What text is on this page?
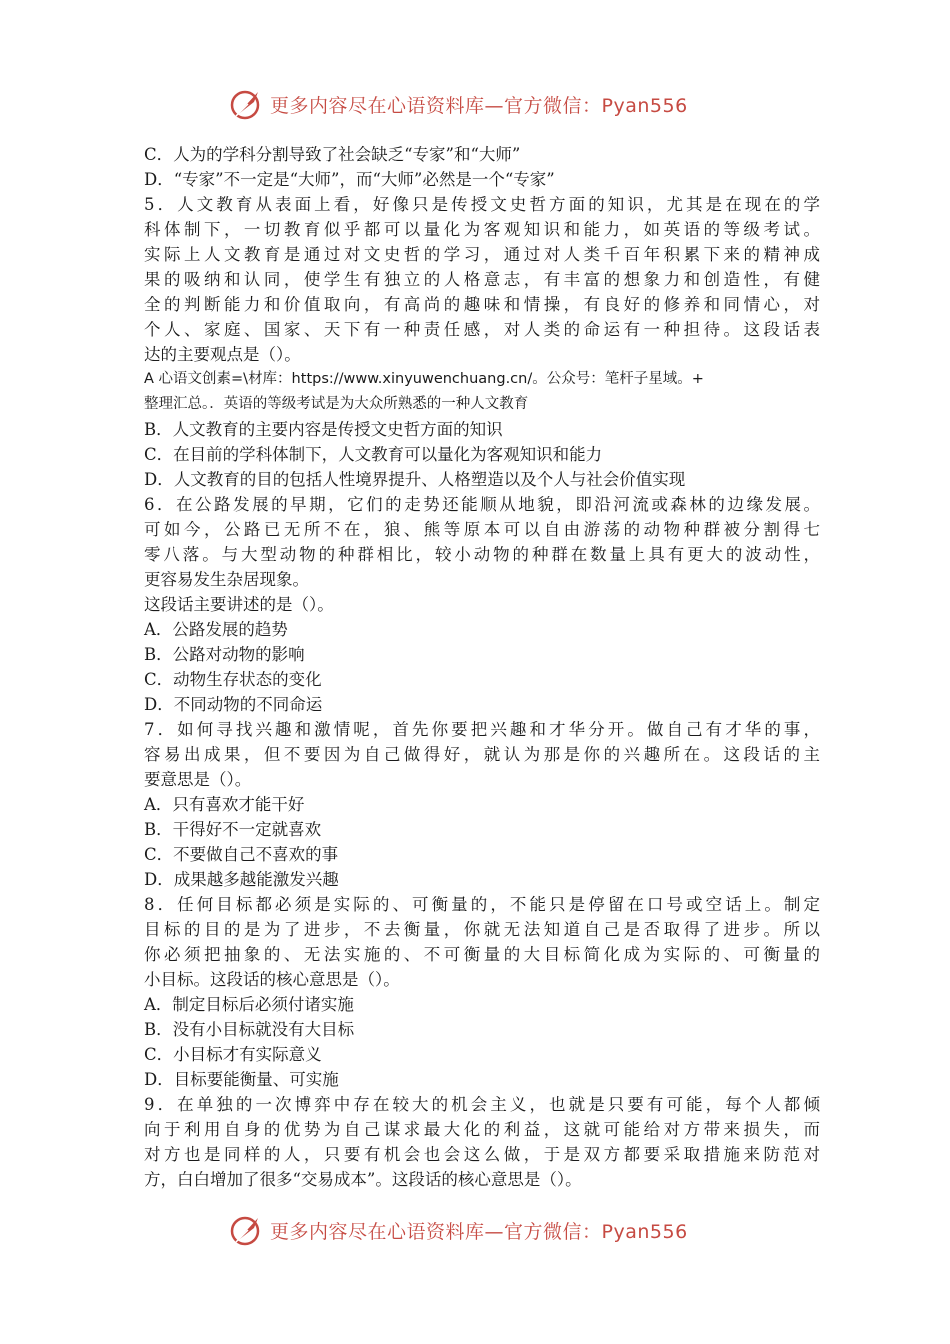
更多内容尽在心语资料库—官方微信：Pyan556
C．人为的学科分割导致了社会缺乏“专家”和“大师”
D．“专家”不一定是“大师”，而“大师”必然是一个“专家”
5．人文教育从表面上看，好像只是传授文史哲方面的知识，尤其是在现在的学
科体制下，一切教育似乎都可以量化为客观知识和能力，如英语的等级考试。
实际上人文教育是通过对文史哲的学习，通过对人类千百年积累下来的精神成
果的吸纳和认同，使学生有独立的人格意志，有丰富的想象力和创造性，有健
全的判断能力和价值取向，有高尚的趣味和情操，有良好的修养和同情心，对
个人、家庭、国家、天下有一种责任感，对人类的命运有一种担待。这段话表
达的主要观点是（）。
A 心语文创素=\材库：https://www.xinyuwenchuang.cn/。公众号：笔杆子星域。+
整理汇总。．英语的等级考试是为大众所熟悉的一种人文教育
B．人文教育的主要内容是传授文史哲方面的知识
C．在目前的学科体制下，人文教育可以量化为客观知识和能力
D．人文教育的目的包括人性境界提升、人格塑造以及个人与社会价值实现
6．在公路发展的早期，它们的走势还能顺从地貌，即沿河流或森林的边缘发展。
可如今，公路已无所不在，狼、熊等原本可以自由游荡的动物种群被分割得七
零八落。与大型动物的种群相比，较小动物的种群在数量上具有更大的波动性，
更容易发生杂居现象。
这段话主要讲述的是（）。
A．公路发展的趋势
B．公路对动物的影响
C．动物生存状态的变化
D．不同动物的不同命运
7．如何寻找兴趣和激情呢，首先你要把兴趣和才华分开。做自己有才华的事，
容易出成果，但不要因为自己做得好，就认为那是你的兴趣所在。这段话的主
要意思是（）。
A．只有喜欢才能干好
B．干得好不一定就喜欢
C．不要做自己不喜欢的事
D．成果越多越能激发兴趣
8．任何目标都必须是实际的、可衡量的，不能只是停留在口号或空话上。制定
目标的目的是为了进步，不去衡量，你就无法知道自己是否取得了进步。所以
你必须把抽象的、无法实施的、不可衡量的大目标简化成为实际的、可衡量的
小目标。这段话的核心意思是（）。
A．制定目标后必须付诸实施
B．没有小目标就没有大目标
C．小目标才有实际意义
D．目标要能衡量、可实施
9．在单独的一次博弈中存在较大的机会主义，也就是只要有可能，每个人都倾
向于利用自身的优势为自己谋求最大化的利益，这就可能给对方带来损失，而
对方也是同样的人，只要有机会也会这么做，于是双方都要采取措施来防范对
方，白白增加了很多“交易成本”。这段话的核心意思是（）。
更多内容尽在心语资料库—官方微信：Pyan556
